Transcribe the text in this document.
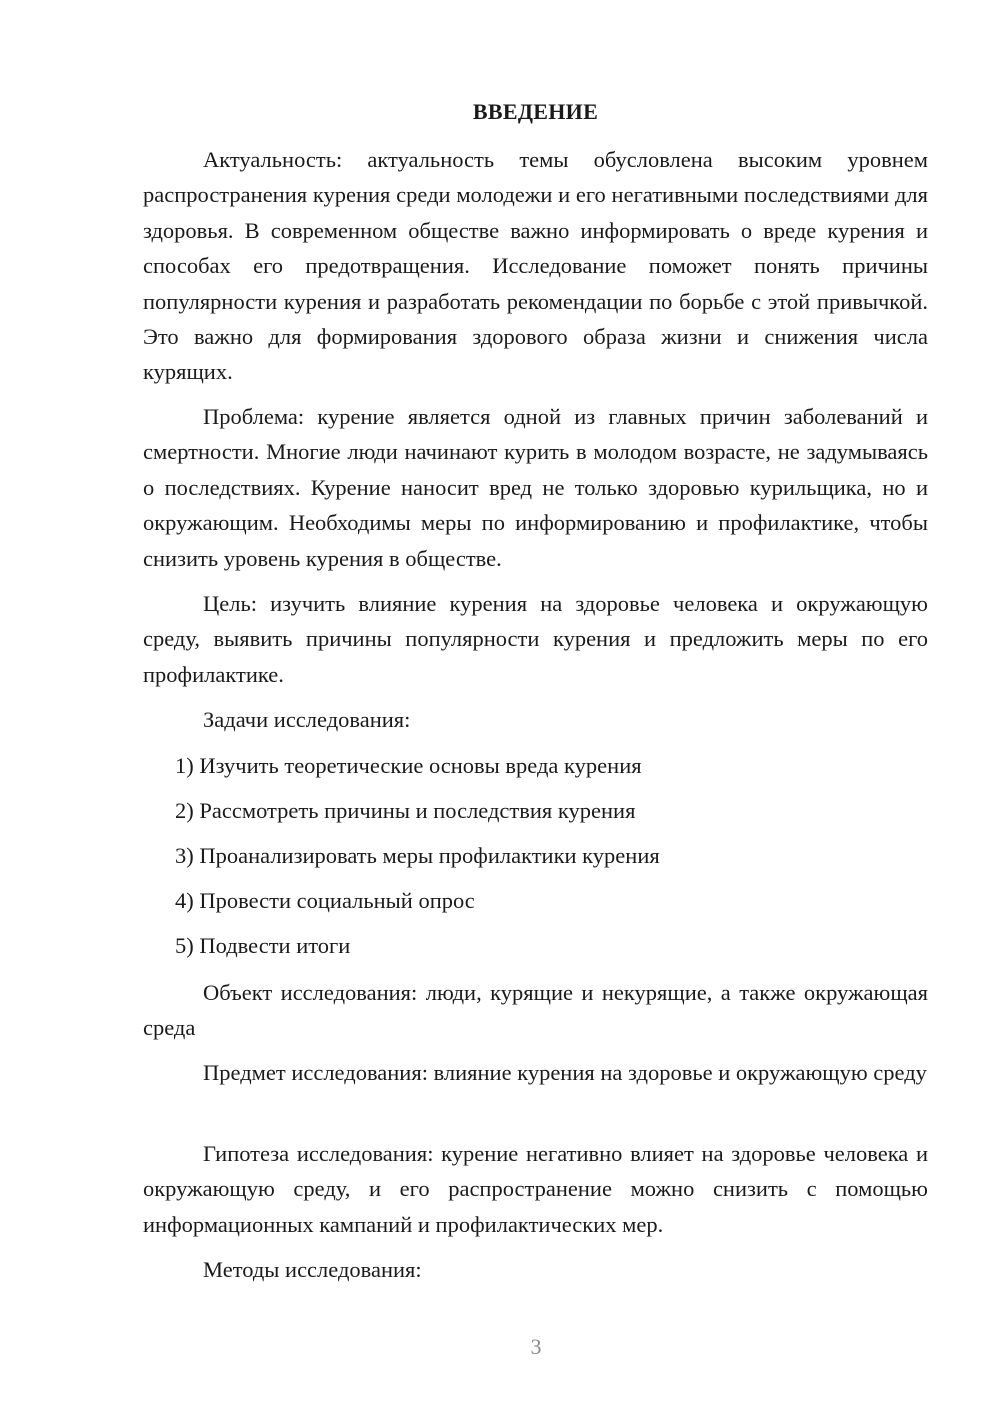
ВВЕДЕНИЕ

Актуальность: актуальность темы обусловлена высоким уровнем распространения курения среди молодежи и его негативными последствиями для здоровья. В современном обществе важно информировать о вреде курения и способах его предотвращения. Исследование поможет понять причины популярности курения и разработать рекомендации по борьбе с этой привычкой. Это важно для формирования здорового образа жизни и снижения числа курящих.

Проблема: курение является одной из главных причин заболеваний и смертности. Многие люди начинают курить в молодом возрасте, не задумываясь о последствиях. Курение наносит вред не только здоровью курильщика, но и окружающим. Необходимы меры по информированию и профилактике, чтобы снизить уровень курения в обществе.

Цель: изучить влияние курения на здоровье человека и окружающую среду, выявить причины популярности курения и предложить меры по его профилактике.

Задачи исследования:

1) Изучить теоретические основы вреда курения

2) Рассмотреть причины и последствия курения

3) Проанализировать меры профилактики курения

4) Провести социальный опрос

5) Подвести итоги

Объект исследования: люди, курящие и некурящие, а также окружающая среда

Предмет исследования: влияние курения на здоровье и окружающую среду

Гипотеза исследования: курение негативно влияет на здоровье человека и окружающую среду, и его распространение можно снизить с помощью информационных кампаний и профилактических мер.

Методы исследования:

3
